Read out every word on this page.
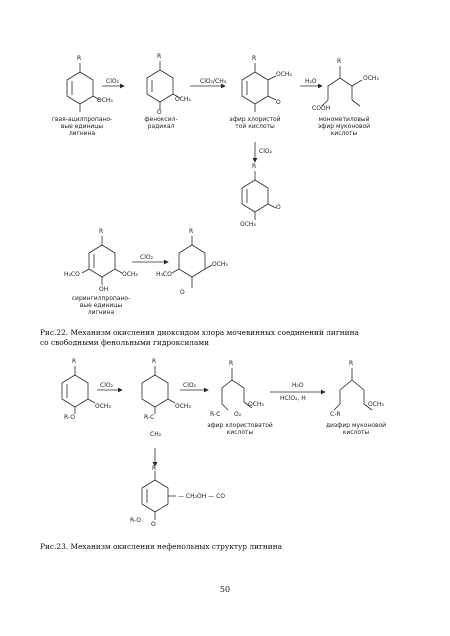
R
OCH₃
ClO₂
R
OCH₃
O
ClO₂/CH₃
R
OCH₃
O
H₂O
R
OCH₃
COOH
гвая-ацилпропано-
вые единицы
лигнина
феноксил-
радикал
эфир хлористой
той кислоты
монометиловый
эфир муконовой
кислоты
ClO₂
R
O
OCH₃
R
H₃CO	OCH₃
OH
ClO₂
R
H₃CO
OCH₃
O
сирингилпропано-
вые единицы
лигнина
Рис.22. Механизм окисления диоксидом хлора мочевинных соединений лигнина
со свободными фенольными гидроксилами
R
OCH₃
R-O
ClO₂
R
OCH₃
R-C
ClO₂
R
OCH₃
R-C O₂
H₂O
HClO₂, H
R
C-R
OCH₃
эфир хлористоватой
кислоты
диэфир муконовой
кислоты
CH₂
R
— CH₂OH — CO
R-O
O
Рис.23. Механизм окисления нефенольных структур лигнина
50
